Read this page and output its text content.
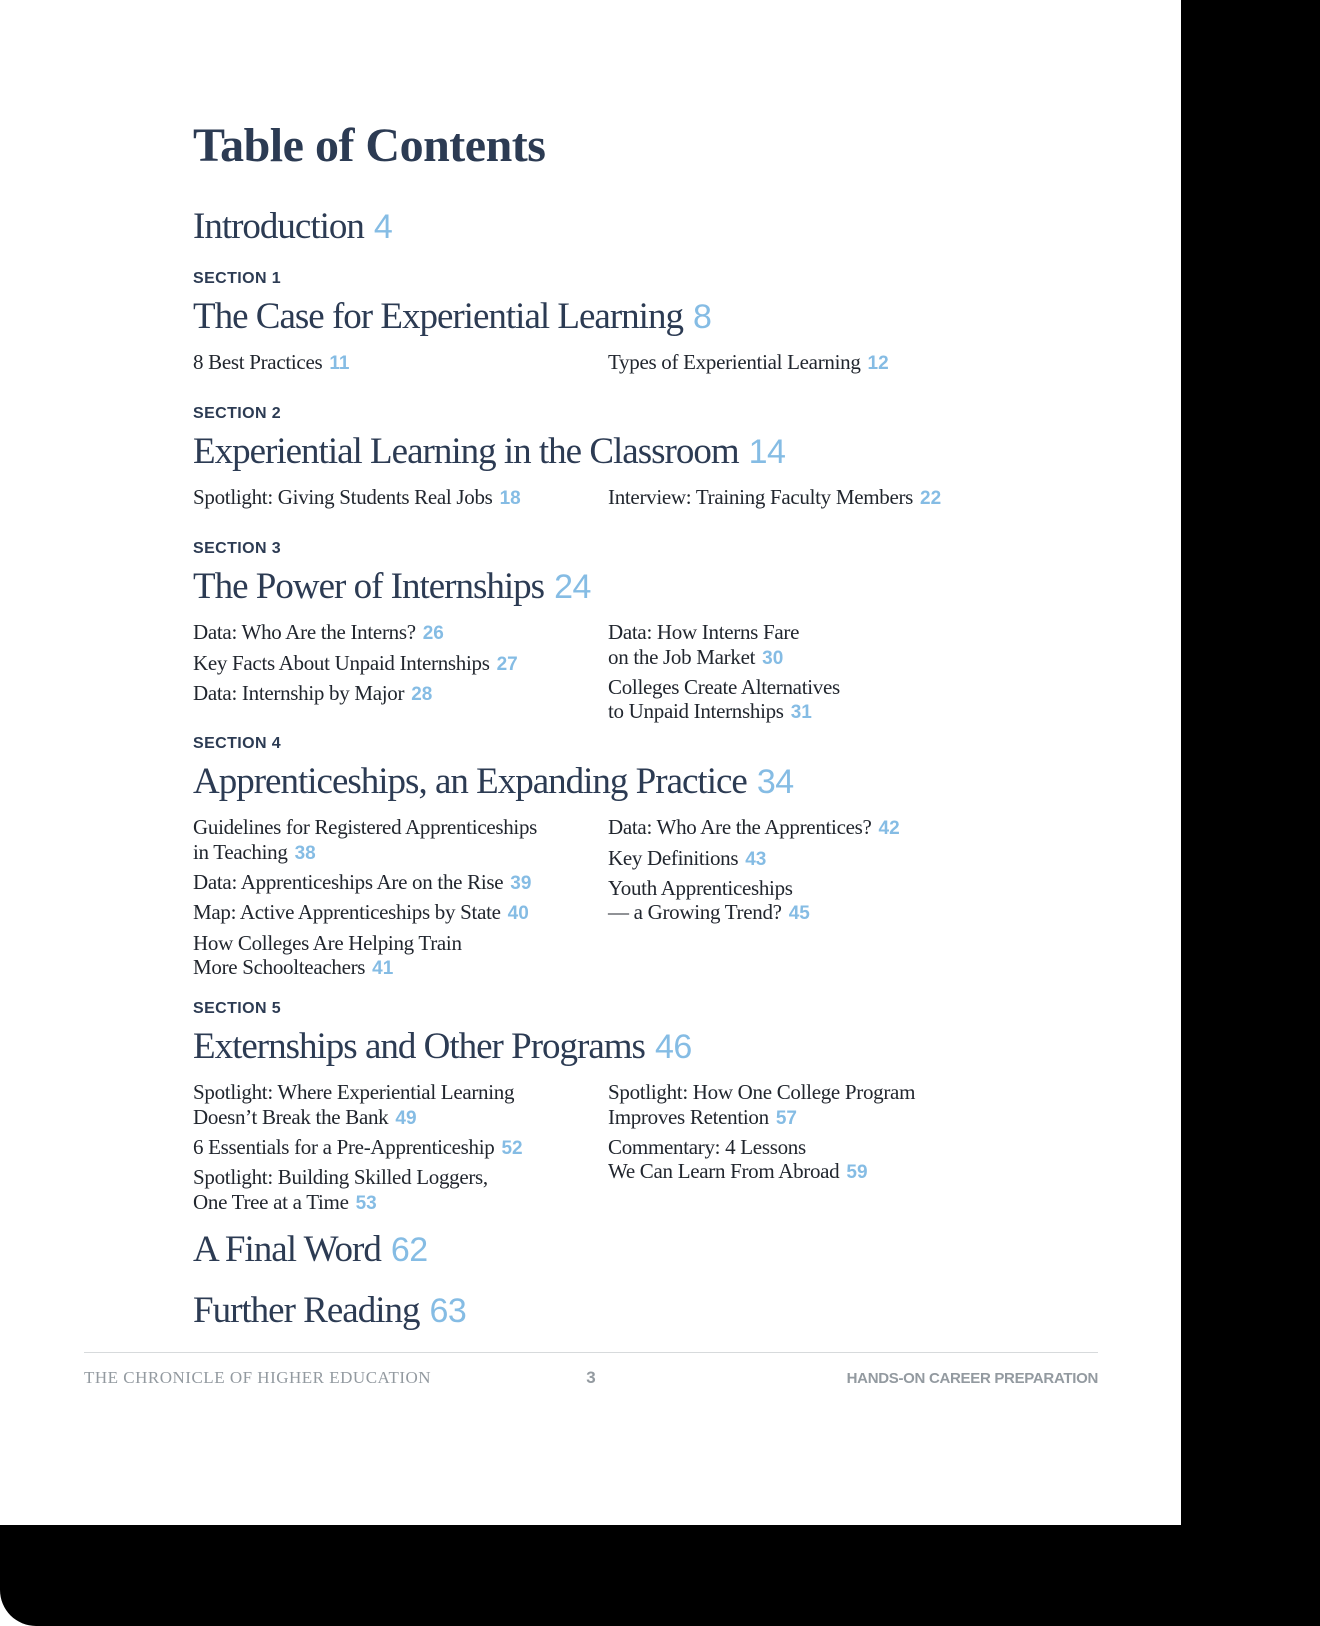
Table of Contents
Introduction 4
SECTION 1
The Case for Experiential Learning 8
8 Best Practices 11	Types of Experiential Learning 12
SECTION 2
Experiential Learning in the Classroom 14
Spotlight: Giving Students Real Jobs 18	Interview: Training Faculty Members 22
SECTION 3
The Power of Internships 24
Data: Who Are the Interns? 26
Key Facts About Unpaid Internships 27
Data: Internship by Major 28
Data: How Interns Fare
on the Job Market 30
Colleges Create Alternatives
to Unpaid Internships 31
SECTION 4
Apprenticeships, an Expanding Practice 34
Guidelines for Registered Apprenticeships
in Teaching 38
Data: Apprenticeships Are on the Rise 39
Map: Active Apprenticeships by State 40
How Colleges Are Helping Train
More Schoolteachers 41
Data: Who Are the Apprentices? 42
Key Definitions 43
Youth Apprenticeships
— a Growing Trend? 45
SECTION 5
Externships and Other Programs 46
Spotlight: Where Experiential Learning
Doesn’t Break the Bank 49
6 Essentials for a Pre-Apprenticeship 52
Spotlight: Building Skilled Loggers,
One Tree at a Time 53
Spotlight: How One College Program
Improves Retention 57
Commentary: 4 Lessons
We Can Learn From Abroad 59
A Final Word 62
Further Reading 63
THE CHRONICLE OF HIGHER EDUCATION	3	HANDS-ON CAREER PREPARATION
